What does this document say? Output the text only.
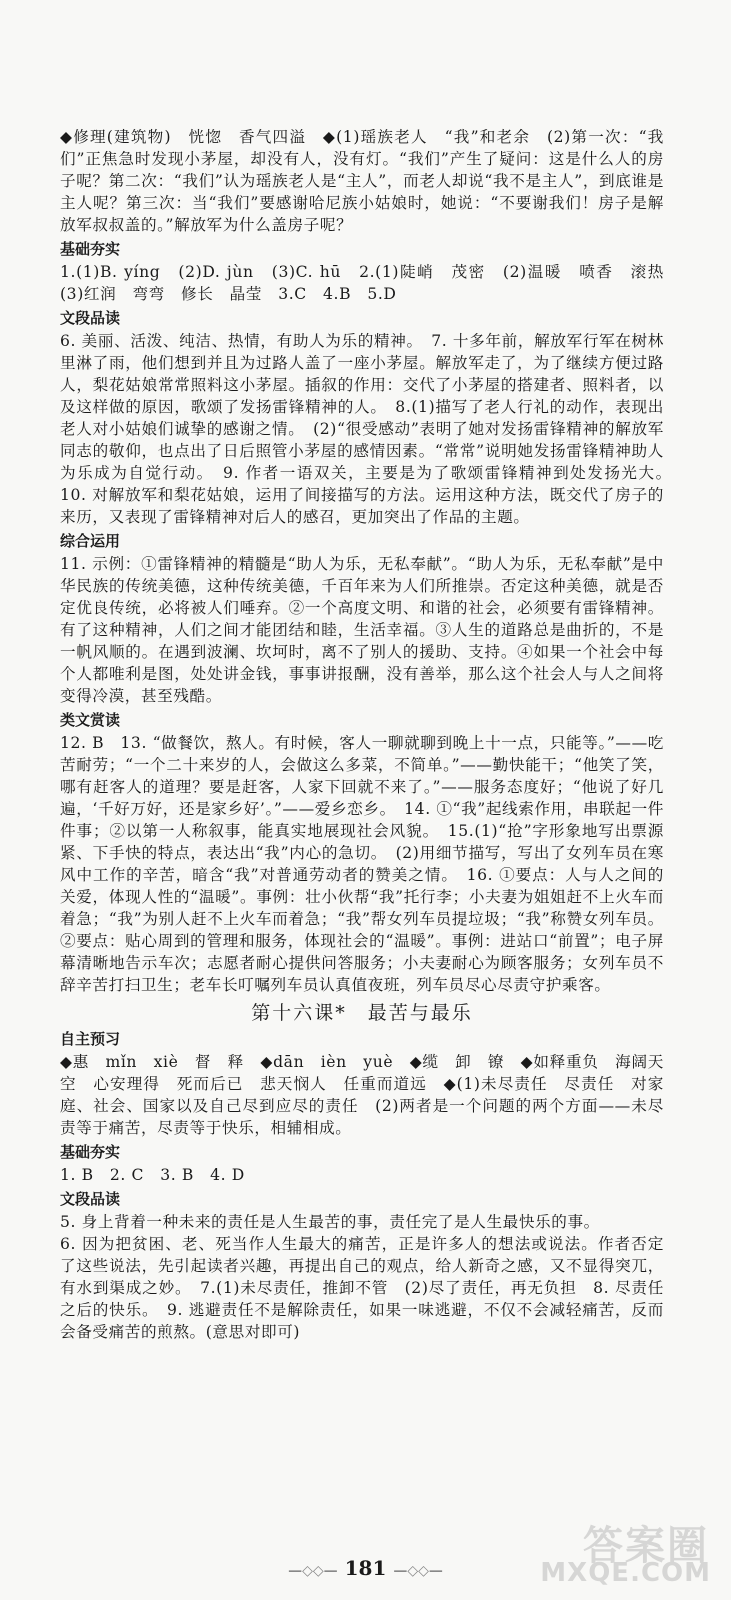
◆修理(建筑物)　恍惚　香气四溢　◆(1)瑶族老人　“我”和老余　(2)第一次：“我们”正焦急时发现小茅屋，却没有人，没有灯。“我们”产生了疑问：这是什么人的房子呢？第二次：“我们”认为瑶族老人是“主人”，而老人却说“我不是主人”，到底谁是主人呢？第三次：当“我们”要感谢哈尼族小姑娘时，她说：“不要谢我们！房子是解放军叔叔盖的。”解放军为什么盖房子呢？

基础夯实

1.(1)B. yíng　(2)D. jùn　(3)C. hū　2.(1)陡峭　茂密　(2)温暖　喷香　滚热　(3)红润　弯弯　修长　晶莹　3.C　4.B　5.D

文段品读

6. 美丽、活泼、纯洁、热情，有助人为乐的精神。　7. 十多年前，解放军行军在树林里淋了雨，他们想到并且为过路人盖了一座小茅屋。解放军走了，为了继续方便过路人，梨花姑娘常常照料这小茅屋。插叙的作用：交代了小茅屋的搭建者、照料者，以及这样做的原因，歌颂了发扬雷锋精神的人。　8.(1)描写了老人行礼的动作，表现出老人对小姑娘们诚挚的感谢之情。　(2)“很受感动”表明了她对发扬雷锋精神的解放军同志的敬仰，也点出了日后照管小茅屋的感情因素。“常常”说明她发扬雷锋精神助人为乐成为自觉行动。　9. 作者一语双关，主要是为了歌颂雷锋精神到处发扬光大。　10. 对解放军和梨花姑娘，运用了间接描写的方法。运用这种方法，既交代了房子的来历，又表现了雷锋精神对后人的感召，更加突出了作品的主题。

综合运用

11. 示例：①雷锋精神的精髓是“助人为乐，无私奉献”。“助人为乐，无私奉献”是中华民族的传统美德，这种传统美德，千百年来为人们所推崇。否定这种美德，就是否定优良传统，必将被人们唾弃。②一个高度文明、和谐的社会，必须要有雷锋精神。有了这种精神，人们之间才能团结和睦，生活幸福。③人生的道路总是曲折的，不是一帆风顺的。在遇到波澜、坎坷时，离不了别人的援助、支持。④如果一个社会中每个人都唯利是图，处处讲金钱，事事讲报酬，没有善举，那么这个社会人与人之间将变得冷漠，甚至残酷。

类文赏读

12. B　13. “做餐饮，熬人。有时候，客人一聊就聊到晚上十一点，只能等。”——吃苦耐劳；“一个二十来岁的人，会做这么多菜，不简单。”——勤快能干；“他笑了笑，哪有赶客人的道理？要是赶客，人家下回就不来了。”——服务态度好；“他说了好几遍，‘千好万好，还是家乡好’。”——爱乡恋乡。　14. ①“我”起线索作用，串联起一件件事；②以第一人称叙事，能真实地展现社会风貌。　15.(1)“抢”字形象地写出票源紧、下手快的特点，表达出“我”内心的急切。　(2)用细节描写，写出了女列车员在寒风中工作的辛苦，暗含“我”对普通劳动者的赞美之情。　16. ①要点：人与人之间的关爱，体现人性的“温暖”。事例：壮小伙帮“我”托行李；小夫妻为姐姐赶不上火车而着急；“我”为别人赶不上火车而着急；“我”帮女列车员提垃圾；“我”称赞女列车员。②要点：贴心周到的管理和服务，体现社会的“温暖”。事例：进站口“前置”；电子屏幕清晰地告示车次；志愿者耐心提供问答服务；小夫妻耐心为顾客服务；女列车员不辞辛苦打扫卫生；老车长叮嘱列车员认真值夜班，列车员尽心尽责守护乘客。

第十六课*　最苦与最乐
自主预习

◆惠　mǐn　xiè　督　释　◆dān　ièn　yuè　◆缆　卸　镣　◆如释重负　海阔天空　心安理得　死而后已　悲天悯人　任重而道远　◆(1)未尽责任　尽责任　对家庭、社会、国家以及自己尽到应尽的责任　(2)两者是一个问题的两个方面——未尽责等于痛苦，尽责等于快乐，相辅相成。

基础夯实

1. B　2. C　3. B　4. D

文段品读

5. 身上背着一种未来的责任是人生最苦的事，责任完了是人生最快乐的事。

6. 因为把贫困、老、死当作人生最大的痛苦，正是许多人的想法或说法。作者否定了这些说法，先引起读者兴趣，再提出自己的观点，给人新奇之感，又不显得突兀，有水到渠成之妙。　7.(1)未尽责任，推卸不管　(2)尽了责任，再无负担　8. 尽责任之后的快乐。　9. 逃避责任不是解除责任，如果一味逃避，不仅不会减轻痛苦，反而会备受痛苦的煎熬。(意思对即可)

—◇◇— 181 —◇◇—
答案圈
MXQE.COM
